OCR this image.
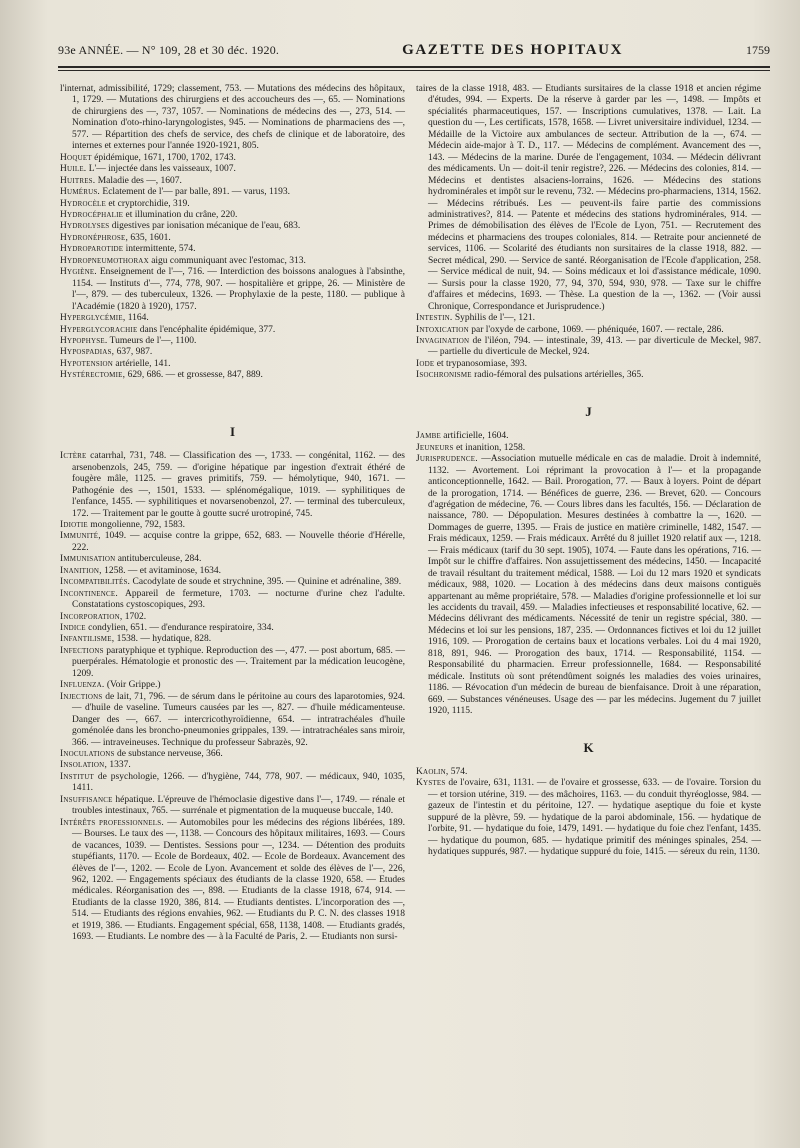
93e ANNÉE. — N° 109, 28 et 30 déc. 1920.	GAZETTE DES HOPITAUX	1759

l'internat, admissibilité, 1729; classement, 753. — Mutations des médecins des hôpitaux, 1, 1729. — Mutations des chirurgiens et des accoucheurs des —, 65. — Nominations de chirurgiens des —, 737, 1057. — Nominations de médecins des —, 273, 514. — Nomination d'oto-rhino-laryngologistes, 945. — Nominations de pharmaciens des —, 577. — Répartition des chefs de service, des chefs de clinique et de laboratoire, des internes et externes pour l'année 1920-1921, 805.

Hoquet épidémique, 1671, 1700, 1702, 1743.

Huile. L'— injectée dans les vaisseaux, 1007.

Huitres. Maladie des —, 1607.

Humérus. Eclatement de l'— par balle, 891. — varus, 1193.

Hydrocèle et cryptorchidie, 319.

Hydrocéphalie et illumination du crâne, 220.

Hydrolyses digestives par ionisation mécanique de l'eau, 683.

Hydronéphrose, 635, 1601.

Hydroparotide intermittente, 574.

Hydropneumothorax aigu communiquant avec l'estomac, 313.

Hygiène. Enseignement de l'—, 716. — Interdiction des boissons analogues à l'absinthe, 1154. — Instituts d'—, 774, 778, 907. — hospitalière et grippe, 26. — Ministère de l'—, 879. — des tuberculeux, 1326. — Prophylaxie de la peste, 1180. — publique à l'Académie (1820 à 1920), 1757.

Hyperglycémie, 1164.

Hyperglycorachie dans l'encéphalite épidémique, 377.

Hypophyse. Tumeurs de l'—, 1100.

Hypospadias, 637, 987.

Hypotension artérielle, 141.

Hystérectomie, 629, 686. — et grossesse, 847, 889.

I

Ictère catarrhal, 731, 748. — Classification des —, 1733. — congénital, 1162. — des arsenobenzols, 245, 759. — d'origine hépatique par ingestion d'extrait éthéré de fougère mâle, 1125. — graves primitifs, 759. — hémolytique, 940, 1671. — Pathogénie des —, 1501, 1533. — splénomégalique, 1019. — syphilitiques de l'enfance, 1455. — syphilitiques et novarsenobenzol, 27. — terminal des tuberculeux, 172. — Traitement par le goutte à goutte sucré urotropiné, 745.

Idiotie mongolienne, 792, 1583.

Immunité, 1049. — acquise contre la grippe, 652, 683. — Nouvelle théorie d'Hérelle, 222.

Immunisation antituberculeuse, 284.

Inanition, 1258. — et avitaminose, 1634.

Incompatibilités. Cacodylate de soude et strychnine, 395. — Quinine et adrénaline, 389.

Incontinence. Appareil de fermeture, 1703. — nocturne d'urine chez l'adulte. Constatations cystoscopiques, 293.

Incorporation, 1702.

Indice condylien, 651. — d'endurance respiratoire, 334.

Infantilisme, 1538. — hydatique, 828.

Infections paratyphique et typhique. Reproduction des —, 477. — post abortum, 685. — puerpérales. Hématologie et pronostic des —. Traitement par la médication leucogène, 1209.

Influenza. (Voir Grippe.)

Injections de lait, 71, 796. — de sérum dans le péritoine au cours des laparotomies, 924. — d'huile de vaseline. Tumeurs causées par les —, 827. — d'huile médicamenteuse. Danger des —, 667. — intercricothyroïdienne, 654. — intratrachéales d'huile goménolée dans les broncho-pneumonies grippales, 139. — intratrachéales sans miroir, 366. — intraveineuses. Technique du professeur Sabrazès, 92.

Inoculations de substance nerveuse, 366.

Insolation, 1337.

Institut de psychologie, 1266. — d'hygiène, 744, 778, 907. — médicaux, 940, 1035, 1411.

Insuffisance hépatique. L'épreuve de l'hémoclasie digestive dans l'—, 1749. — rénale et troubles intestinaux, 765. — surrénale et pigmentation de la muqueuse buccale, 140.

Intérêts professionnels. — Automobiles pour les médecins des régions libérées, 189. — Bourses. Le taux des —, 1138. — Concours des hôpitaux militaires, 1693. — Cours de vacances, 1039. — Dentistes. Sessions pour —, 1234. — Détention des produits stupéfiants, 1170. — Ecole de Bordeaux, 402. — Ecole de Bordeaux. Avancement des élèves de l'—, 1202. — Ecole de Lyon. Avancement et solde des élèves de l'—, 226, 962, 1202. — Engagements spéciaux des étudiants de la classe 1920, 658. — Etudes médicales. Réorganisation des —, 898. — Etudiants de la classe 1918, 674, 914. — Etudiants de la classe 1920, 386, 814. — Etudiants dentistes. L'incorporation des —, 514. — Etudiants des régions envahies, 962. — Etudiants du P. C. N. des classes 1918 et 1919, 386. — Etudiants. Engagement spécial, 658, 1138, 1408. — Etudiants gradés, 1693. — Etudiants. Le nombre des — à la Faculté de Paris, 2. — Etudiants non sursi-

taires de la classe 1918, 483. — Etudiants sursitaires de la classe 1918 et ancien régime d'études, 994. — Experts. De la réserve à garder par les —, 1498. — Impôts et spécialités pharmaceutiques, 157. — Inscriptions cumulatives, 1378. — Lait. La question du —, Les certificats, 1578, 1658. — Livret universitaire individuel, 1234. — Médaille de la Victoire aux ambulances de secteur. Attribution de la —, 674. — Médecin aide-major à T. D., 117. — Médecins de complément. Avancement des —, 143. — Médecins de la marine. Durée de l'engagement, 1034. — Médecin délivrant des médicaments. Un — doit-il tenir registre?, 226. — Médecins des colonies, 814. — Médecins et dentistes alsaciens-lorrains, 1626. — Médecins des stations hydrominérales et impôt sur le revenu, 732. — Médecins pro-pharmaciens, 1314, 1562. — Médecins rétribués. Les — peuvent-ils faire partie des commissions administratives?, 814. — Patente et médecins des stations hydrominérales, 914. — Primes de démobilisation des élèves de l'Ecole de Lyon, 751. — Recrutement des médecins et pharmaciens des troupes coloniales, 814. — Retraite pour ancienneté de services, 1106. — Scolarité des étudiants non sursitaires de la classe 1918, 882. — Secret médical, 290. — Service de santé. Réorganisation de l'Ecole d'application, 258. — Service médical de nuit, 94. — Soins médicaux et loi d'assistance médicale, 1090. — Sursis pour la classe 1920, 77, 94, 370, 594, 930, 978. — Taxe sur le chiffre d'affaires et médecins, 1693. — Thèse. La question de la —, 1362. — (Voir aussi Chronique, Correspondance et Jurisprudence.)

Intestin. Syphilis de l'—, 121.

Intoxication par l'oxyde de carbone, 1069. — phéniquée, 1607. — rectale, 286.

Invagination de l'iléon, 794. — intestinale, 39, 413. — par diverticule de Meckel, 987. — partielle du diverticule de Meckel, 924.

Iode et trypanosomiase, 393.

Isochronisme radio-fémoral des pulsations artérielles, 365.

J

Jambe artificielle, 1604.

Jeuneurs et inanition, 1258.

Jurisprudence. —Association mutuelle médicale en cas de maladie. Droit à indemnité, 1132. — Avortement. Loi réprimant la provocation à l'— et la propagande anticonceptionnelle, 1642. — Bail. Prorogation, 77. — Baux à loyers. Point de départ de la prorogation, 1714. — Bénéfices de guerre, 236. — Brevet, 620. — Concours d'agrégation de médecine, 76. — Cours libres dans les facultés, 156. — Déclaration de naissance, 780. — Dépopulation. Mesures destinées à combattre la —, 1620. — Dommages de guerre, 1395. — Frais de justice en matière criminelle, 1482, 1547. — Frais médicaux, 1259. — Frais médicaux. Arrêté du 8 juillet 1920 relatif aux —, 1218. — Frais médicaux (tarif du 30 sept. 1905), 1074. — Faute dans les opérations, 716. — Impôt sur le chiffre d'affaires. Non assujettissement des médecins, 1450. — Incapacité de travail résultant du traitement médical, 1588. — Loi du 12 mars 1920 et syndicats médicaux, 988, 1020. — Location à des médecins dans deux maisons contiguës appartenant au même propriétaire, 578. — Maladies d'origine professionnelle et loi sur les accidents du travail, 459. — Maladies infectieuses et responsabilité locative, 62. — Médecins délivrant des médicaments. Nécessité de tenir un registre spécial, 380. — Médecins et loi sur les pensions, 187, 235. — Ordonnances fictives et loi du 12 juillet 1916, 109. — Prorogation de certains baux et locations verbales. Loi du 4 mai 1920, 818, 891, 946. — Prorogation des baux, 1714. — Responsabilité, 1154. — Responsabilité du pharmacien. Erreur professionnelle, 1684. — Responsabilité médicale. Instituts où sont prétendûment soignés les maladies des voies urinaires, 1186. — Révocation d'un médecin de bureau de bienfaisance. Droit à une réparation, 669. — Substances vénéneuses. Usage des — par les médecins. Jugement du 7 juillet 1920, 1115.

K

Kaolin, 574.

Kystes de l'ovaire, 631, 1131. — de l'ovaire et grossesse, 633. — de l'ovaire. Torsion du — et torsion utérine, 319. — des mâchoires, 1163. — du conduit thyréoglosse, 984. — gazeux de l'intestin et du péritoine, 127. — hydatique aseptique du foie et kyste suppuré de la plèvre, 59. — hydatique de la paroi abdominale, 156. — hydatique de l'orbite, 91. — hydatique du foie, 1479, 1491. — hydatique du foie chez l'enfant, 1435. — hydatique du poumon, 685. — hydatique primitif des méninges spinales, 254. — hydatiques suppurés, 987. — hydatique suppuré du foie, 1415. — séreux du rein, 1130.
